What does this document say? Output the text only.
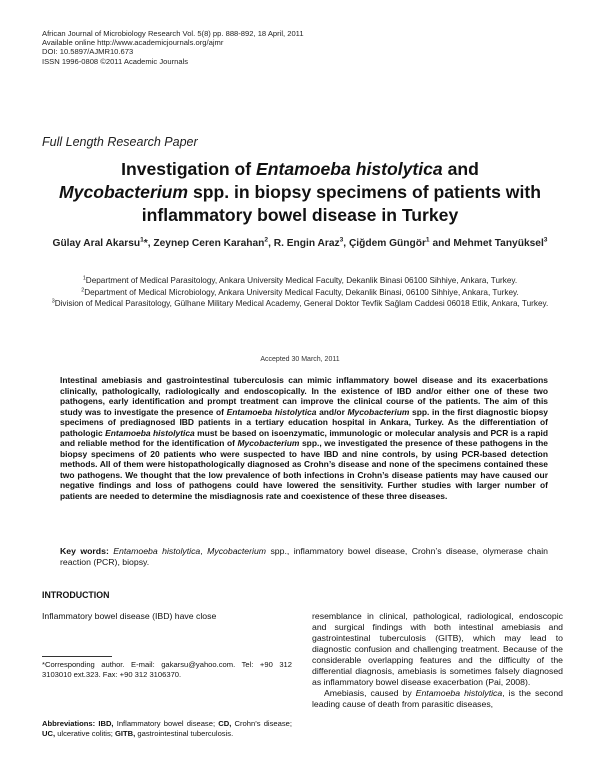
African Journal of Microbiology Research Vol. 5(8) pp. 888-892, 18 April, 2011
Available online http://www.academicjournals.org/ajmr
DOI: 10.5897/AJMR10.673
ISSN 1996-0808 ©2011 Academic Journals
Full Length Research Paper
Investigation of Entamoeba histolytica and
Mycobacterium spp. in biopsy specimens of patients with inflammatory bowel disease in Turkey
Gülay Aral Akarsu$^1$*, Zeynep Ceren Karahan$^2$, R. Engin Araz$^3$, Çiğdem Güngör$^1$ and Mehmet Tanyüksel$^3$
$^1$Department of Medical Parasitology, Ankara University Medical Faculty, Dekanlik Binasi 06100 Sihhiye, Ankara, Turkey.
$^2$Department of Medical Microbiology, Ankara University Medical Faculty, Dekanlik Binasi, 06100 Sihhiye, Ankara, Turkey.
$^3$Division of Medical Parasitology, Gülhane Military Medical Academy, General Doktor Tevfik Sağlam Caddesi 06018 Etlik, Ankara, Turkey.
Accepted 30 March, 2011
Intestinal amebiasis and gastrointestinal tuberculosis can mimic inflammatory bowel disease and its exacerbations clinically, pathologically, radiologically and endoscopically. In the existence of IBD and/or either one of these two pathogens, early identification and prompt treatment can improve the clinical course of the patients. The aim of this study was to investigate the presence of Entamoeba histolytica and/or Mycobacterium spp. in the first diagnostic biopsy specimens of prediagnosed IBD patients in a tertiary education hospital in Ankara, Turkey. As the differentiation of pathologic Entamoeba histolytica must be based on isoenzymatic, immunologic or molecular analysis and PCR is a rapid and reliable method for the identification of Mycobacterium spp., we investigated the presence of these pathogens in the biopsy specimens of 20 patients who were suspected to have IBD and nine controls, by using PCR-based detection methods. All of them were histopathologically diagnosed as Crohn’s disease and none of the specimens contained these two pathogens. We thought that the low prevalence of both infections in Crohn’s disease patients may have caused our negative findings and loss of pathogens could have lowered the sensitivity. Further studies with larger number of patients are needed to determine the misdiagnosis rate and coexistence of these three diseases.
Key words: Entamoeba histolytica, Mycobacterium spp., inflammatory bowel disease, Crohn’s disease, olymerase chain reaction (PCR), biopsy.
INTRODUCTION
Inflammatory bowel disease (IBD) have close
*Corresponding author. E-mail: gakarsu@yahoo.com. Tel: +90 312 3103010 ext.323. Fax: +90 312 3106370.
Abbreviations: IBD, Inflammatory bowel disease; CD, Crohn’s disease; UC, ulcerative colitis; GITB, gastrointestinal tuberculosis.

resemblance in clinical, pathological, radiological, endoscopic and surgical findings with both intestinal amebiasis and gastrointestinal tuberculosis (GITB), which may lead to diagnostic confusion and challenging treatment. Because of the considerable overlapping features and the difficulty of the differential diagnosis, amebiasis is sometimes falsely diagnosed as inflammatory bowel disease exacerbation (Pai, 2008).

Amebiasis, caused by Entamoeba histolytica, is the second leading cause of death from parasitic diseases,
